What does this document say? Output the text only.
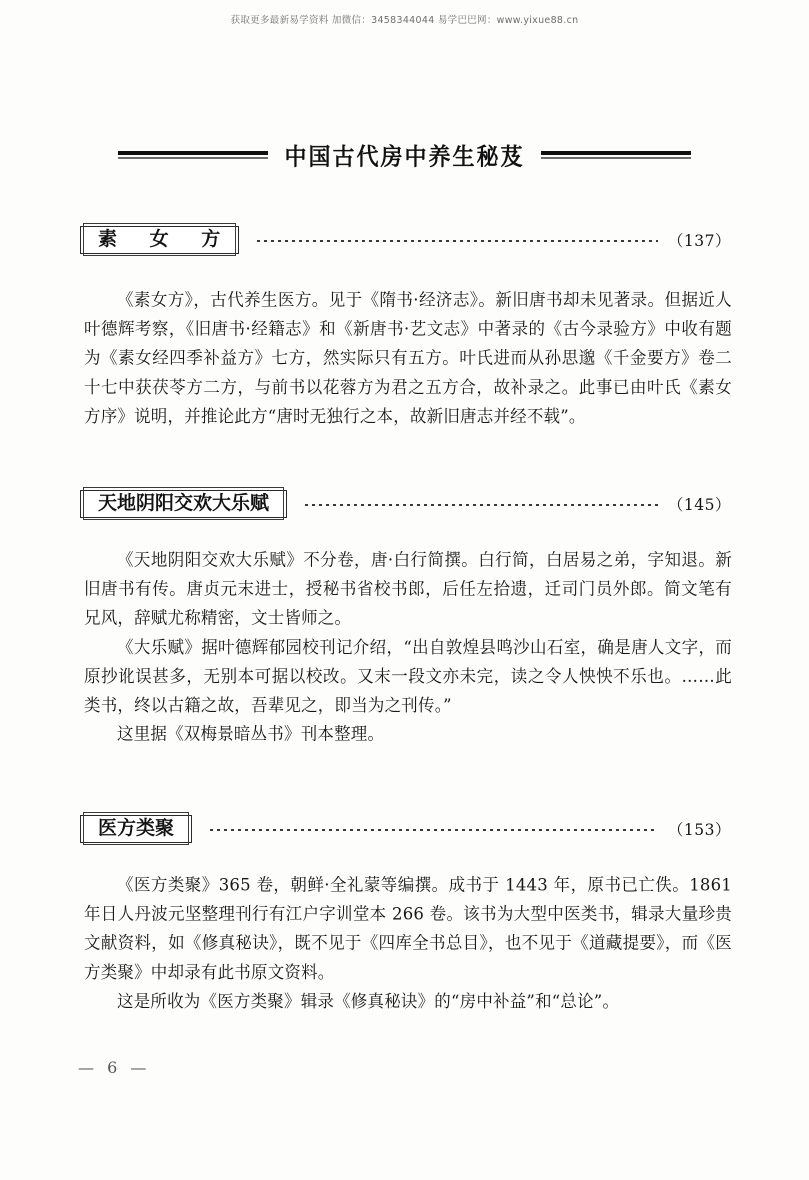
获取更多最新易学资料 加微信：3458344044 易学巴巴网：www.yixue88.cn
中国古代房中养生秘芨
素 女 方	（137）

《素女方》，古代养生医方。见于《隋书·经济志》。新旧唐书却未见著录。但据近人叶德辉考察，《旧唐书·经籍志》和《新唐书·艺文志》中著录的《古今录验方》中收有题为《素女经四季补益方》七方，然实际只有五方。叶氏进而从孙思邈《千金要方》卷二十七中获茯苓方二方，与前书以花蓉方为君之五方合，故补录之。此事已由叶氏《素女方序》说明，并推论此方“唐时无独行之本，故新旧唐志并经不载”。

天地阴阳交欢大乐赋	（145）

《天地阴阳交欢大乐赋》不分卷，唐·白行简撰。白行简，白居易之弟，字知退。新旧唐书有传。唐贞元末进士，授秘书省校书郎，后任左拾遗，迁司门员外郎。简文笔有兄风，辞赋尤称精密，文士皆师之。

《大乐赋》据叶德辉郁园校刊记介绍，“出自敦煌县鸣沙山石室，确是唐人文字，而原抄讹误甚多，无别本可据以校改。又末一段文亦未完，读之令人怏怏不乐也。……此类书，终以古籍之故，吾辈见之，即当为之刊传。”

这里据《双梅景暗丛书》刊本整理。

医方类聚	（153）

《医方类聚》365 卷，朝鲜·全礼蒙等编撰。成书于 1443 年，原书已亡佚。1861 年日人丹波元坚整理刊行有江户字训堂本 266 卷。该书为大型中医类书，辑录大量珍贵文献资料，如《修真秘诀》，既不见于《四库全书总目》，也不见于《道藏提要》，而《医方类聚》中却录有此书原文资料。

这是所收为《医方类聚》辑录《修真秘诀》的“房中补益”和“总论”。

— 6 —
